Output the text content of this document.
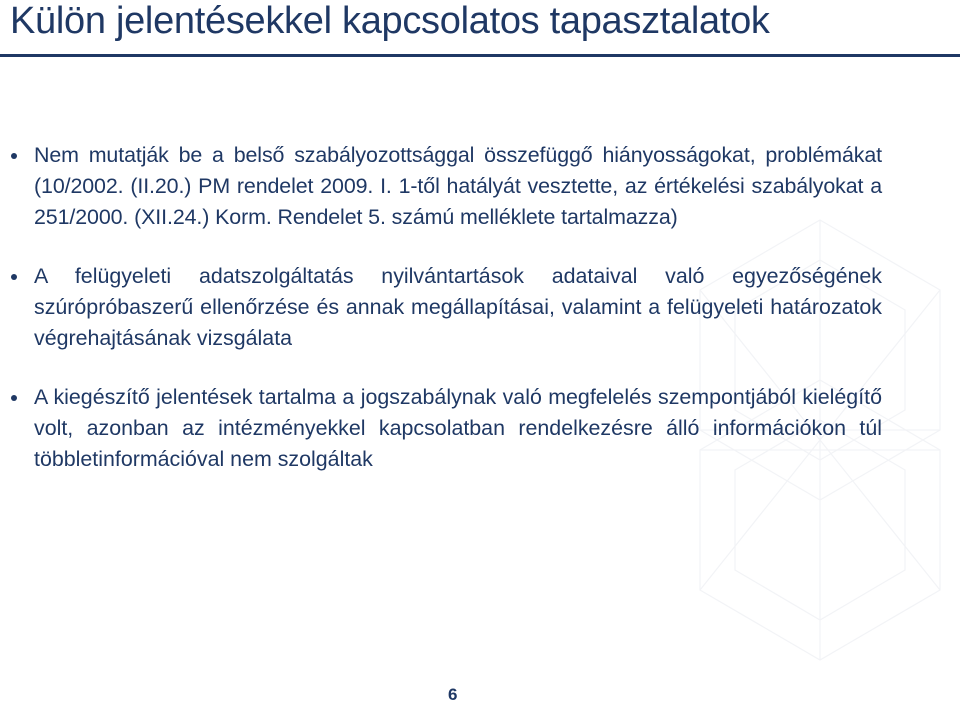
Külön jelentésekkel kapcsolatos tapasztalatok
Nem mutatják be a belső szabályozottsággal összefüggő hiányosságokat, problémákat (10/2002. (II.20.) PM rendelet 2009. I. 1-től hatályát vesztette, az értékelési szabályokat a 251/2000. (XII.24.) Korm. Rendelet 5. számú melléklete tartalmazza)
A felügyeleti adatszolgáltatás nyilvántartások adataival való egyezőségének szúrópróbaszerű ellenőrzése és annak megállapításai, valamint a felügyeleti határozatok végrehajtásának vizsgálata
A kiegészítő jelentések tartalma a jogszabálynak való megfelelés szempontjából kielégítő volt, azonban az intézményekkel kapcsolatban rendelkezésre álló információkon túl többletinformációval nem szolgáltak
6
